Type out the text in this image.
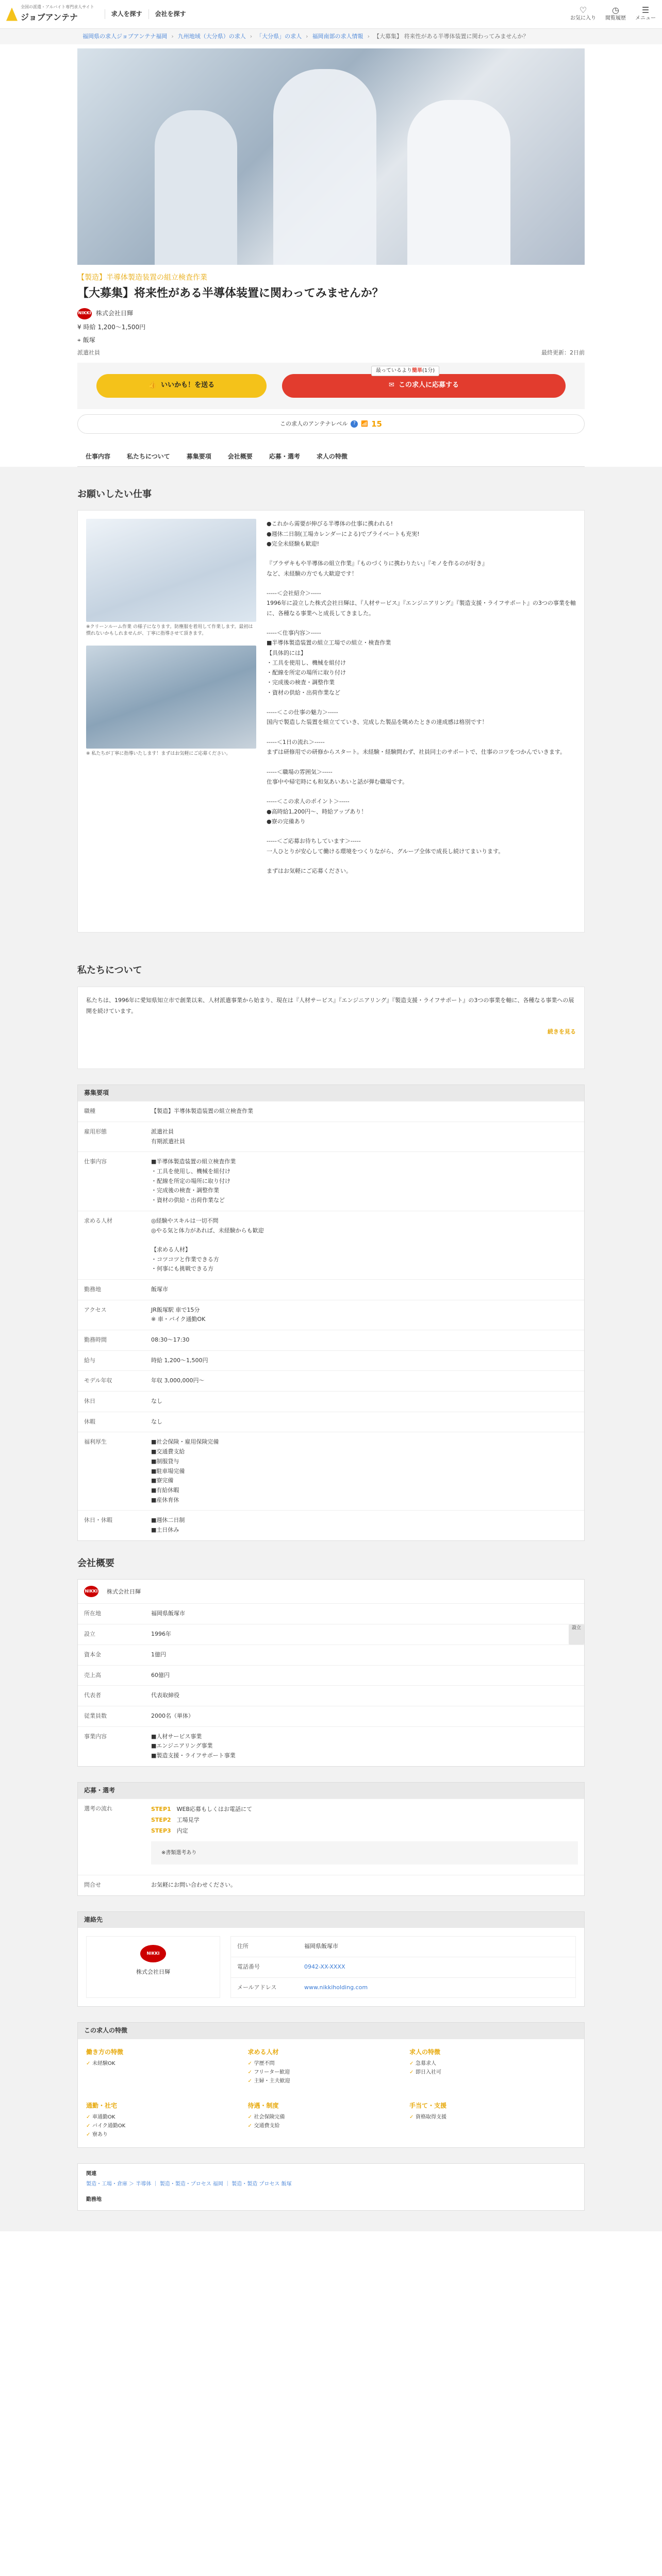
全国の派遣・アルバイト専門求人サイト
ジョブアンテナ	求人を探す	会社を探す	♡
お気に入り
◷
閲覧履歴
☰
メニュー
福岡県の求人ジョブアンテナ福岡 › 九州地域（大分県）の求人 › 「大分県」の求人 › 福岡南部の求人情報 › 【大募集】 将来性がある半導体装置に関わってみませんか？
【製造】半導体製造装置の組立検査作業
【大募集】将来性がある半導体装置に関わってみませんか？
NIKKI 株式会社日輝
¥ 時給 1,200〜1,500円
⌖ 飯塚
派遣社員	最終更新：2日前
最っているより簡単(1分)
👍 いいかも！を送る	✉ この求人に応募する
この求人のアンテナレベル	? 📶 15
仕事内容	私たちについて	募集要項	会社概要	応募・選考	求人の特徴
お願いしたい仕事
※クリーンルーム作業 の様子になります。防塵服を着用して作業します。最初は慣れないかもしれませんが、丁寧に指導させて頂きます。
※ 私たちが丁寧に指導いたします！まずはお気軽にご応募ください。
●これから需要が伸びる半導体の仕事に携われる!
●週休二日制(工場カレンダーによる)でプライベートも充実!
●完全未経験も歓迎!

『ブラザキもや半導体の組立作業』『ものづくりに携わりたい』『モノを作るのが好き』
など、未経験の方でも大歓迎です！

-----＜会社紹介＞-----
1996年に設立した株式会社日輝は、『人材サービス』『エンジニアリング』『製造支援・ライフサポート』の3つの事業を軸に、各種なる事業へと成長してきました。

-----＜仕事内容＞-----
■半導体製造装置の組立工場での組立・検査作業
【具体的には】
・工具を使用し、機械を組付け
・配線を所定の場所に取り付け
・完成後の検査・調整作業
・資材の供給・出荷作業など

-----＜この仕事の魅力＞-----
国内で製造した装置を組立てていき、完成した製品を眺めたときの達成感は格別です！

-----＜1日の流れ＞-----
まずは研修用での研修からスタート。未経験・経験問わず、社員同士のサポートで、仕事のコツをつかんでいきます。

-----＜職場の雰囲気＞-----
仕事中や帰宅時にも和気あいあいと話が弾む職場です。

-----＜この求人のポイント＞-----
●高時給1,200円〜、時給アップあり！
●寮の完備あり

-----＜ご応募お待ちしています＞-----
一人ひとりが安心して働ける環境をつくりながら、グループ全体で成長し続けてまいります。

まずはお気軽にご応募ください。
私たちについて
私たちは、1996年に愛知県知立市で創業以来、人材派遣事業から始まり、現在は『人材サービス』『エンジニアリング』『製造支援・ライフサポート』の3つの事業を軸に、各種なる事業への展開を続けています。
続きを見る
募集要項
職種	【製造】半導体製造装置の組立検査作業
雇用形態	派遣社員
有期派遣社員
仕事内容	■半導体製造装置の組立検査作業
・工具を使用し、機械を組付け
・配線を所定の場所に取り付け
・完成後の検査・調整作業
・資材の供給・出荷作業など
求める人材	◎経験やスキルは一切不問
◎やる気と体力があれば、未経験からも歓迎

【求める人材】
・コツコツと作業できる方
・何事にも挑戦できる方
勤務地	飯塚市
アクセス	JR飯塚駅 車で15分
※ 車・バイク通勤OK
勤務時間	08:30〜17:30
給与	時給 1,200〜1,500円
モデル年収	年収 3,000,000円〜
休日	なし
休暇	なし
福利厚生	■社会保険・雇用保険完備
■交通費支給
■制服貸与
■駐車場完備
■寮完備
■有給休暇
■産休育休
休日・休暇	■週休二日制
■土日休み
会社概要
NIKKI 株式会社日輝
所在地	福岡県飯塚市
設立	1996年
設立
資本金	1億円
売上高	60億円
代表者	代表取締役
従業員数	2000名（単体）
事業内容	■人材サービス事業
■エンジニアリング事業
■製造支援・ライフサポート事業
応募・選考
選考の流れ	STEP1　 WEB応募もしくはお電話にて
STEP2　 工場見学
STEP3　 内定
※書類選考あり
問合せ	お気軽にお問い合わせください。
連絡先
NIKKI
株式会社日輝
住所	福岡県飯塚市
電話番号	0942-XX-XXXX
メールアドレス	www.nikkiholding.com
この求人の特徴
働き方の特徴
✓ 未経験OK
求める人材
✓ 学歴不問
✓ フリーター歓迎
✓ 主婦・主夫歓迎
求人の特徴
✓ 急募求人
✓ 即日入社可
通勤・社宅
✓ 車通勤OK
✓ バイク通勤OK
✓ 寮あり
待遇・制度
✓ 社会保険完備
✓ 交通費支給
手当て・支援
✓ 資格取得支援
関連
製造・工場・倉庫 ＞ 半導体 ｜ 製造・製造・プロセス 福岡 ｜ 製造・製造 プロセス 飯塚
勤務地
